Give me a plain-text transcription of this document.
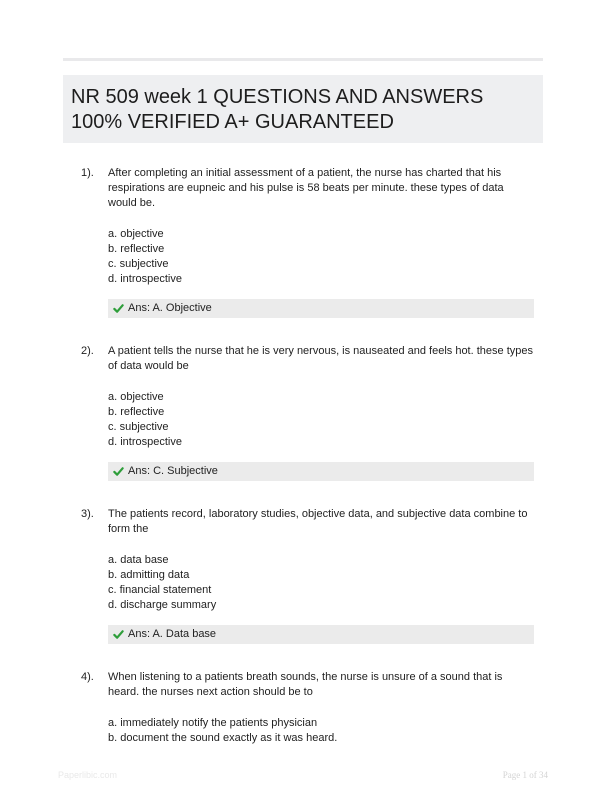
NR 509 week 1 QUESTIONS AND ANSWERS
100% VERIFIED A+ GUARANTEED
1). After completing an initial assessment of a patient, the nurse has charted that his respirations are eupneic and his pulse is 58 beats per minute. these types of data would be.

a. objective
b. reflective
c. subjective
d. introspective
Ans: A. Objective
2). A patient tells the nurse that he is very nervous, is nauseated and feels hot. these types of data would be

a. objective
b. reflective
c. subjective
d. introspective
Ans: C. Subjective
3). The patients record, laboratory studies, objective data, and subjective data combine to form the

a. data base
b. admitting data
c. financial statement
d. discharge summary
Ans: A. Data base
4). When listening to a patients breath sounds, the nurse is unsure of a sound that is heard. the nurses next action should be to

a. immediately notify the patients physician
b. document the sound exactly as it was heard.
Paperlibic.com	Page 1 of 34
